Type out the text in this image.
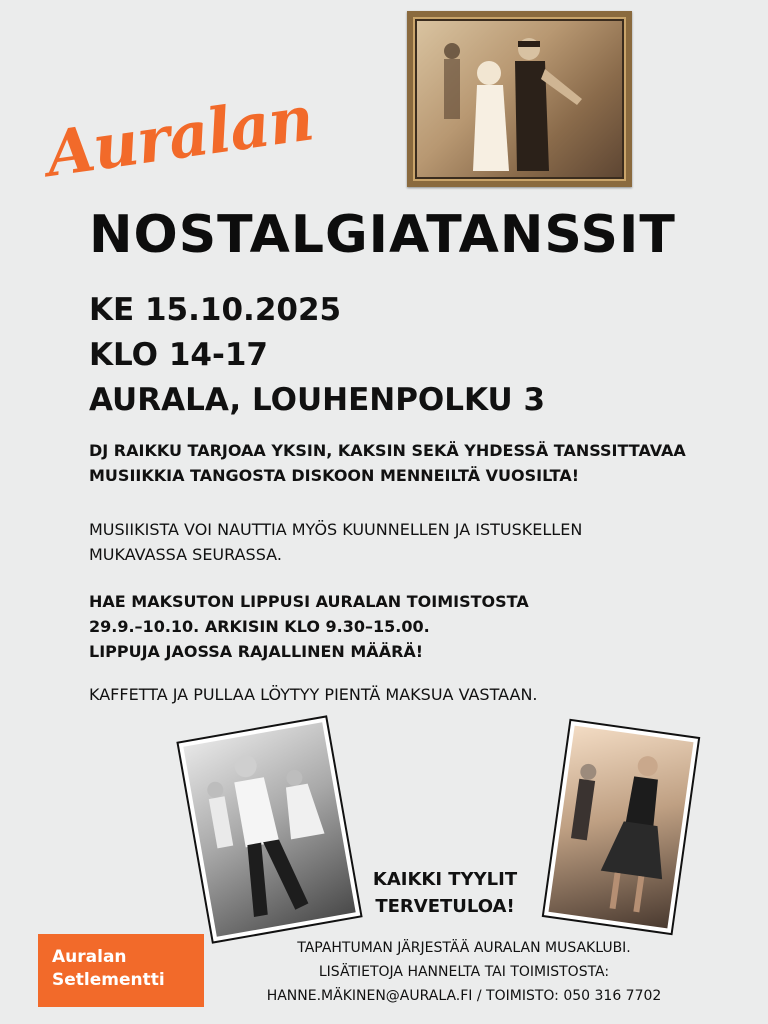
Auralan
NOSTALGIATANSSIT
KE 15.10.2025
KLO 14-17
AURALA, LOUHENPOLKU 3
DJ RAIKKU TARJOAA YKSIN, KAKSIN SEKÄ YHDESSÄ TANSSITTAVAA MUSIIKKIA TANGOSTA DISKOON MENNEILTÄ VUOSILTA!
MUSIIKISTA VOI NAUTTIA MYÖS KUUNNELLEN JA ISTUSKELLEN MUKAVASSA SEURASSA.
HAE MAKSUTON LIPPUSI AURALAN TOIMISTOSTA
29.9.–10.10. ARKISIN KLO 9.30–15.00.
LIPPUJA JAOSSA RAJALLINEN MÄÄRÄ!
KAFFETTA JA PULLAA LÖYTYY PIENTÄ MAKSUA VASTAAN.
KAIKKI TYYLIT
TERVETULOA!
Auralan
Setlementti
TAPAHTUMAN JÄRJESTÄÄ AURALAN MUSAKLUBI.
LISÄTIETOJA HANNELTA TAI TOIMISTOSTA:
HANNE.MÄKINEN@AURALA.FI / TOIMISTO: 050 316 7702
